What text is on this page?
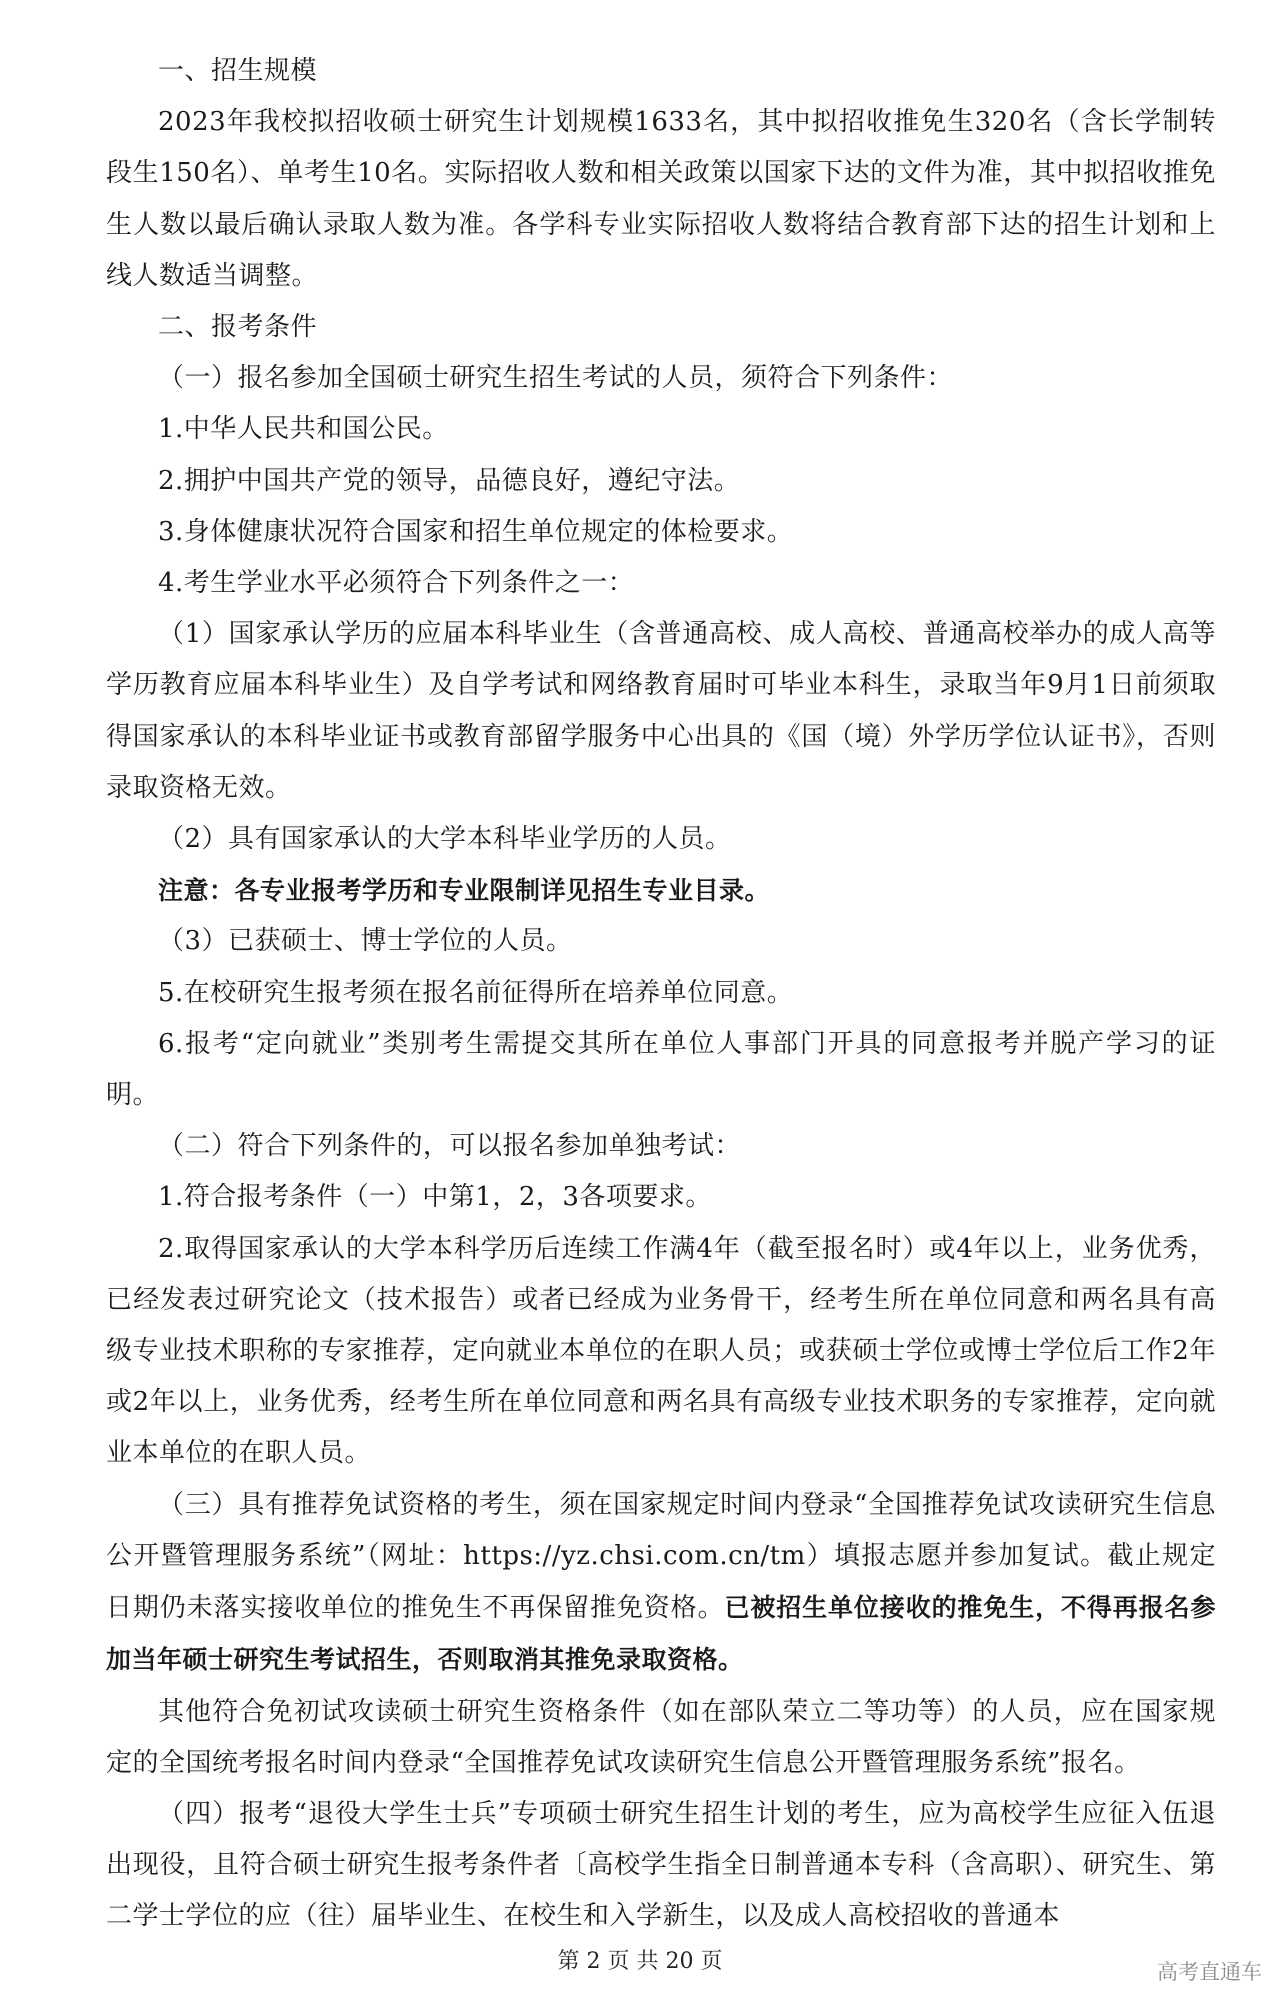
一、招生规模

2023年我校拟招收硕士研究生计划规模1633名，其中拟招收推免生320名（含长学制转段生150名）、单考生10名。实际招收人数和相关政策以国家下达的文件为准，其中拟招收推免生人数以最后确认录取人数为准。各学科专业实际招收人数将结合教育部下达的招生计划和上线人数适当调整。

二、报考条件

（一）报名参加全国硕士研究生招生考试的人员，须符合下列条件：

1.中华人民共和国公民。

2.拥护中国共产党的领导，品德良好，遵纪守法。

3.身体健康状况符合国家和招生单位规定的体检要求。

4.考生学业水平必须符合下列条件之一：

（1）国家承认学历的应届本科毕业生（含普通高校、成人高校、普通高校举办的成人高等学历教育应届本科毕业生）及自学考试和网络教育届时可毕业本科生，录取当年9月1日前须取得国家承认的本科毕业证书或教育部留学服务中心出具的《国（境）外学历学位认证书》，否则录取资格无效。

（2）具有国家承认的大学本科毕业学历的人员。

注意：各专业报考学历和专业限制详见招生专业目录。

（3）已获硕士、博士学位的人员。

5.在校研究生报考须在报名前征得所在培养单位同意。

6.报考“定向就业”类别考生需提交其所在单位人事部门开具的同意报考并脱产学习的证明。

（二）符合下列条件的，可以报名参加单独考试：

1.符合报考条件（一）中第1，2，3各项要求。

2.取得国家承认的大学本科学历后连续工作满4年（截至报名时）或4年以上，业务优秀，已经发表过研究论文（技术报告）或者已经成为业务骨干，经考生所在单位同意和两名具有高级专业技术职称的专家推荐，定向就业本单位的在职人员；或获硕士学位或博士学位后工作2年或2年以上，业务优秀，经考生所在单位同意和两名具有高级专业技术职务的专家推荐，定向就业本单位的在职人员。

（三）具有推荐免试资格的考生，须在国家规定时间内登录“全国推荐免试攻读研究生信息公开暨管理服务系统”（网址：https://yz.chsi.com.cn/tm）填报志愿并参加复试。截止规定日期仍未落实接收单位的推免生不再保留推免资格。已被招生单位接收的推免生，不得再报名参加当年硕士研究生考试招生，否则取消其推免录取资格。

其他符合免初试攻读硕士研究生资格条件（如在部队荣立二等功等）的人员，应在国家规定的全国统考报名时间内登录“全国推荐免试攻读研究生信息公开暨管理服务系统”报名。

（四）报考“退役大学生士兵”专项硕士研究生招生计划的考生，应为高校学生应征入伍退出现役，且符合硕士研究生报考条件者〔高校学生指全日制普通本专科（含高职）、研究生、第二学士学位的应（往）届毕业生、在校生和入学新生，以及成人高校招收的普通本

第 2 页 共 20 页	高考直通车
